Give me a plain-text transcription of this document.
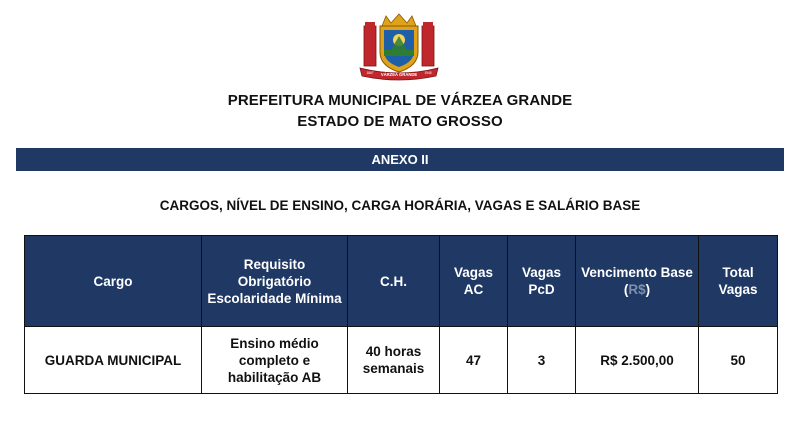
VÁRZEA GRANDE
1867	1948
PREFEITURA MUNICIPAL DE VÁRZEA GRANDE
ESTADO DE MATO GROSSO
ANEXO II
CARGOS, NÍVEL DE ENSINO, CARGA HORÁRIA, VAGAS E SALÁRIO BASE
Cargo	Requisito Obrigatório Escolaridade Mínima	C.H.	Vagas AC	Vagas PcD	Vencimento Base (R$)	Total Vagas
GUARDA MUNICIPAL	Ensino médio completo e habilitação AB	40 horas semanais	47	3	R$ 2.500,00	50
